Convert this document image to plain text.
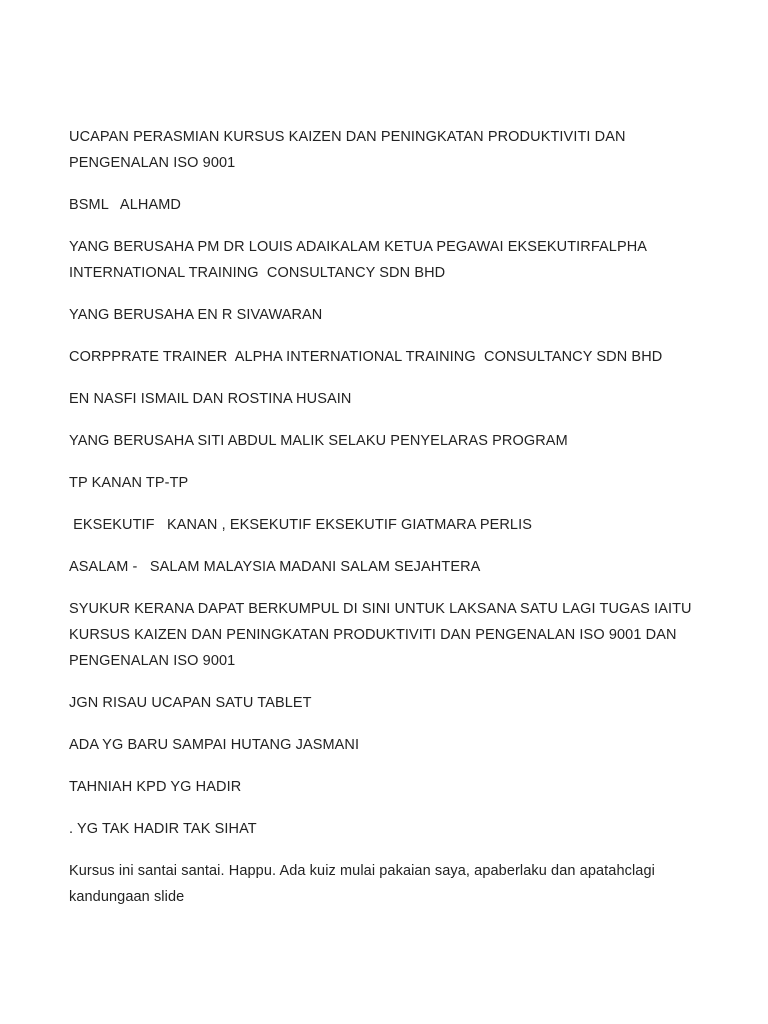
UCAPAN PERASMIAN KURSUS KAIZEN DAN PENINGKATAN PRODUKTIVITI DAN PENGENALAN ISO 9001

BSML   ALHAMD

YANG BERUSAHA PM DR LOUIS ADAIKALAM KETUA PEGAWAI EKSEKUTIRFALPHA INTERNATIONAL TRAINING  CONSULTANCY SDN BHD

YANG BERUSAHA EN R SIVAWARAN

CORPPRATE TRAINER  ALPHA INTERNATIONAL TRAINING  CONSULTANCY SDN BHD

EN NASFI ISMAIL DAN ROSTINA HUSAIN

YANG BERUSAHA SITI ABDUL MALIK SELAKU PENYELARAS PROGRAM

TP KANAN TP-TP

EKSEKUTIF   KANAN , EKSEKUTIF EKSEKUTIF GIATMARA PERLIS

ASALAM -   SALAM MALAYSIA MADANI SALAM SEJAHTERA

SYUKUR KERANA DAPAT BERKUMPUL DI SINI UNTUK LAKSANA SATU LAGI TUGAS IAITU KURSUS KAIZEN DAN PENINGKATAN PRODUKTIVITI DAN PENGENALAN ISO 9001 DAN PENGENALAN ISO 9001

JGN RISAU UCAPAN SATU TABLET

ADA YG BARU SAMPAI HUTANG JASMANI

TAHNIAH KPD YG HADIR

. YG TAK HADIR TAK SIHAT

Kursus ini santai santai. Happu. Ada kuiz mulai pakaian saya, apaberlaku dan apatahclagi kandungaan slide
